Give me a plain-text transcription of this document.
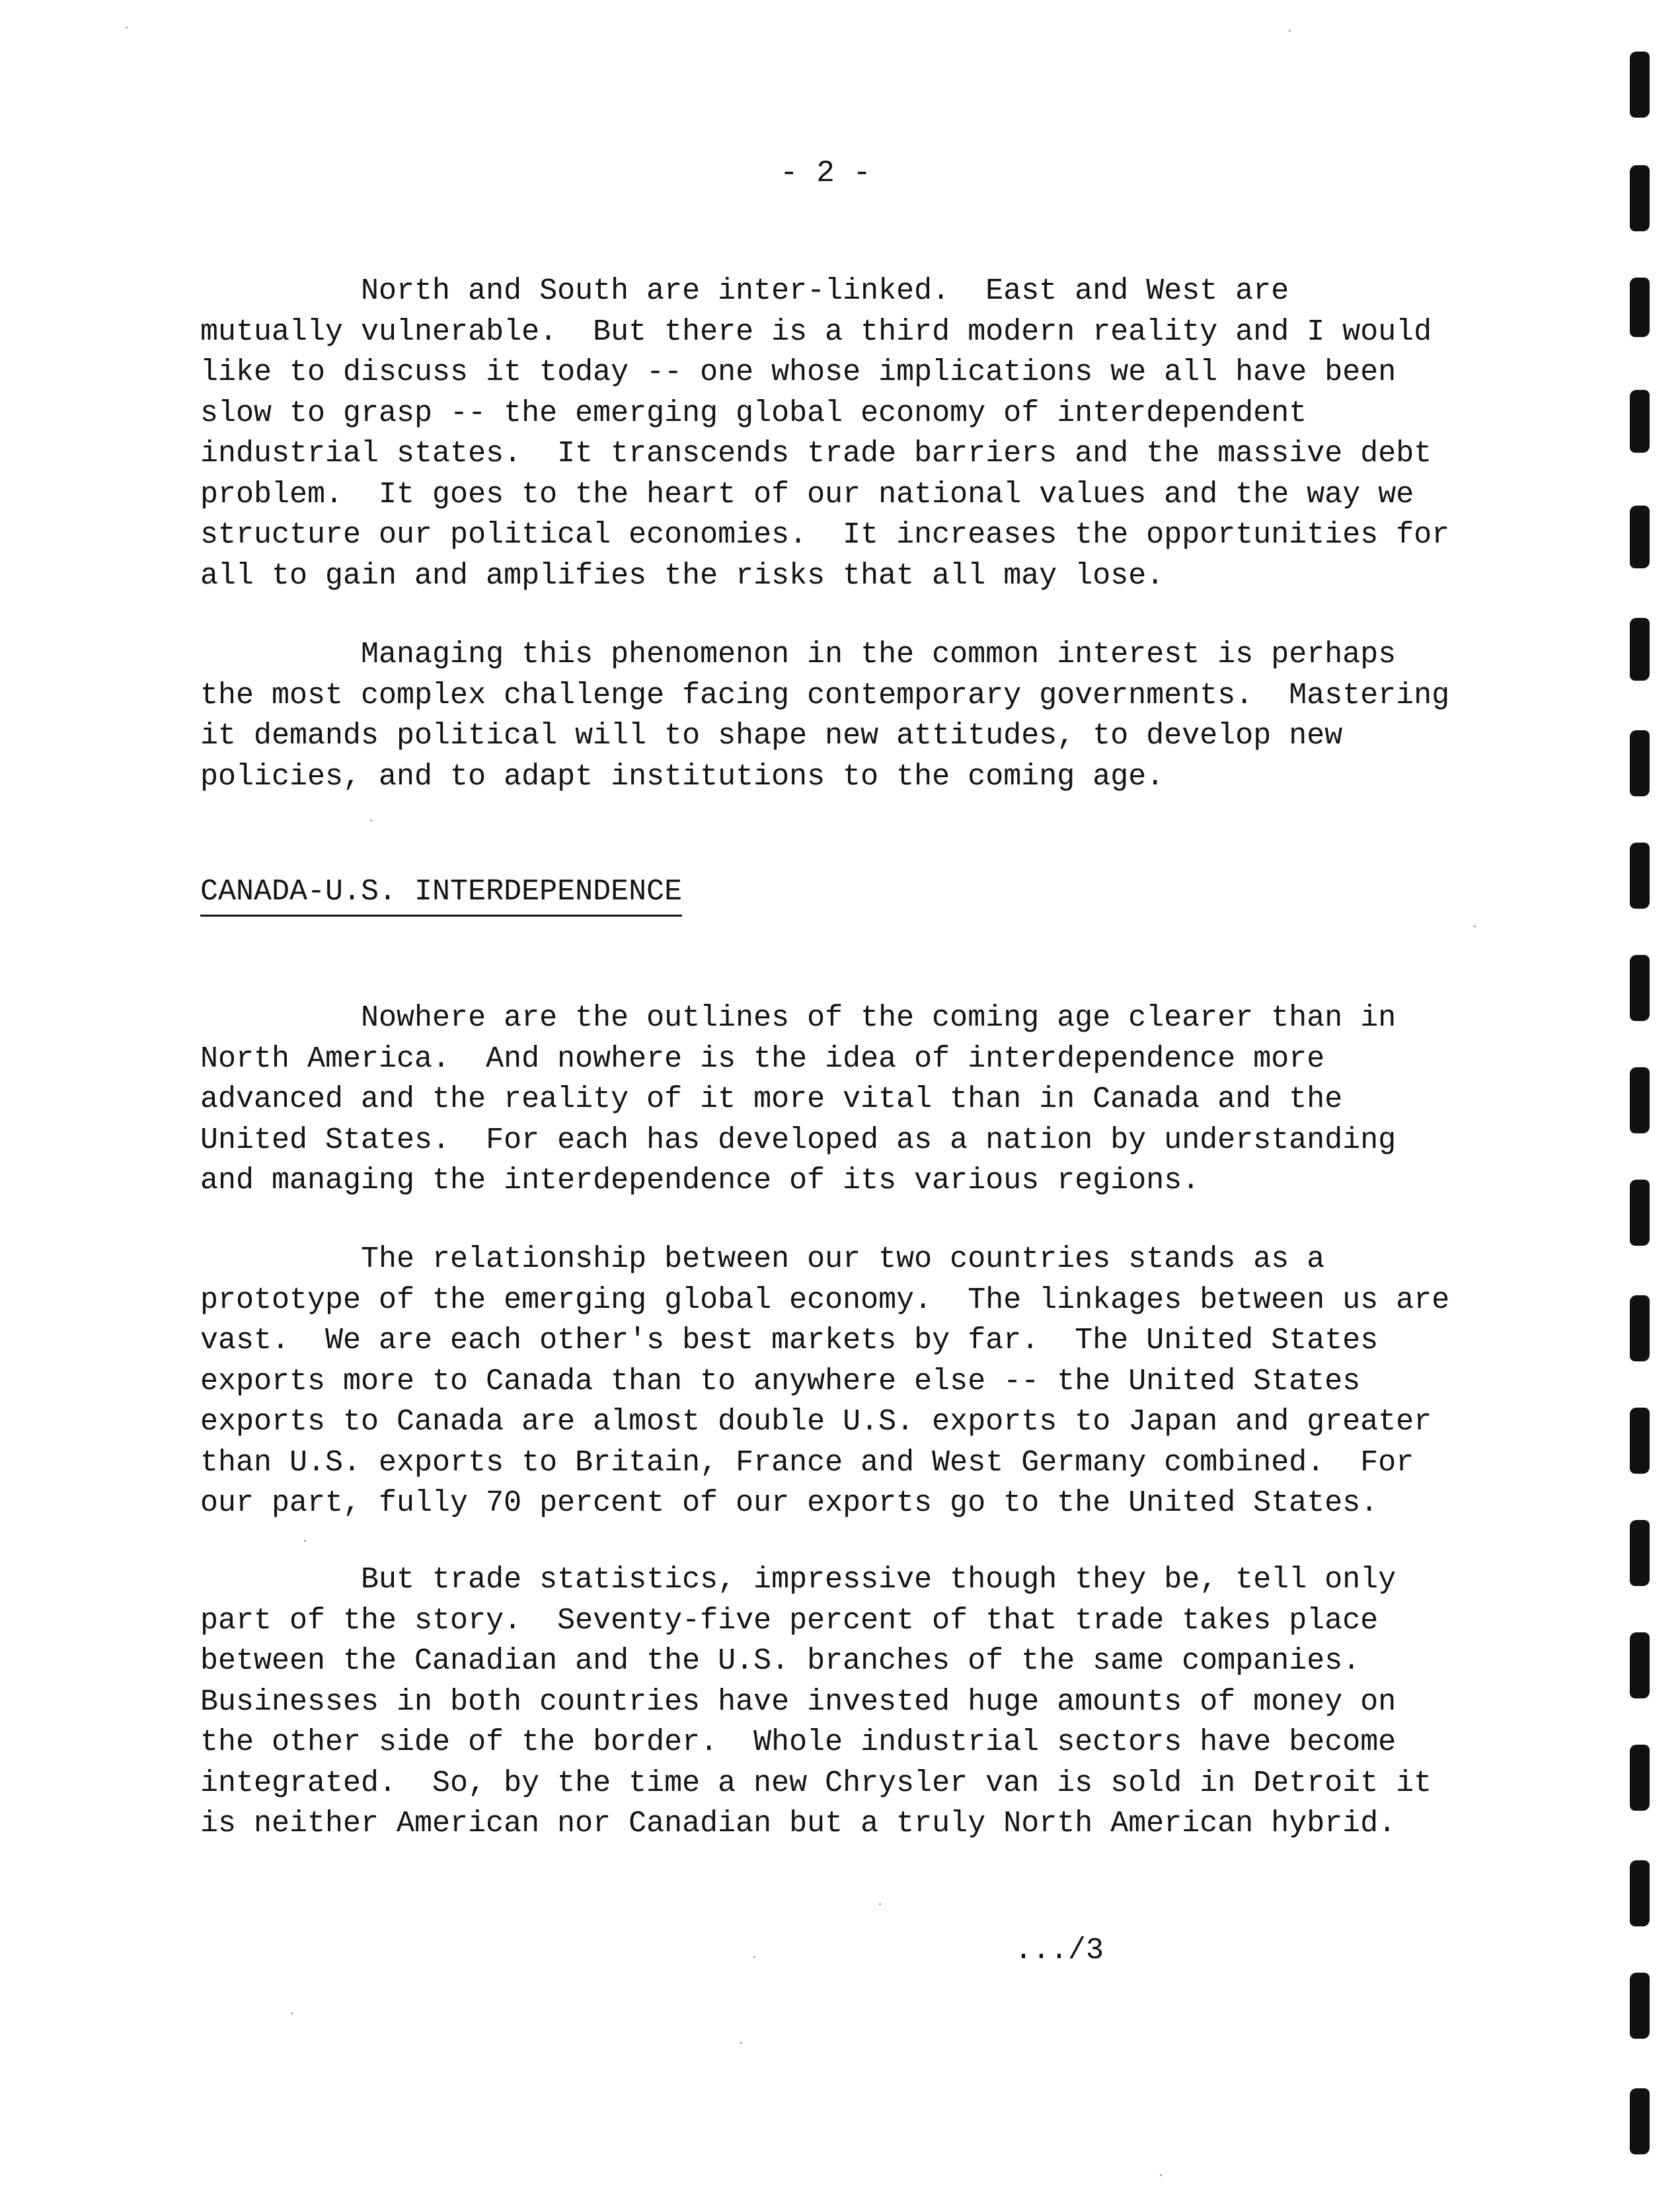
- 2 -
North and South are inter-linked.  East and West are
mutually vulnerable.  But there is a third modern reality and I would
like to discuss it today -- one whose implications we all have been
slow to grasp -- the emerging global economy of interdependent
industrial states.  It transcends trade barriers and the massive debt
problem.  It goes to the heart of our national values and the way we
structure our political economies.  It increases the opportunities for
all to gain and amplifies the risks that all may lose.
Managing this phenomenon in the common interest is perhaps
the most complex challenge facing contemporary governments.  Mastering
it demands political will to shape new attitudes, to develop new
policies, and to adapt institutions to the coming age.
CANADA-U.S. INTERDEPENDENCE
Nowhere are the outlines of the coming age clearer than in
North America.  And nowhere is the idea of interdependence more
advanced and the reality of it more vital than in Canada and the
United States.  For each has developed as a nation by understanding
and managing the interdependence of its various regions.
The relationship between our two countries stands as a
prototype of the emerging global economy.  The linkages between us are
vast.  We are each other's best markets by far.  The United States
exports more to Canada than to anywhere else -- the United States
exports to Canada are almost double U.S. exports to Japan and greater
than U.S. exports to Britain, France and West Germany combined.  For
our part, fully 70 percent of our exports go to the United States.
But trade statistics, impressive though they be, tell only
part of the story.  Seventy-five percent of that trade takes place
between the Canadian and the U.S. branches of the same companies.
Businesses in both countries have invested huge amounts of money on
the other side of the border.  Whole industrial sectors have become
integrated.  So, by the time a new Chrysler van is sold in Detroit it
is neither American nor Canadian but a truly North American hybrid.
.../3
